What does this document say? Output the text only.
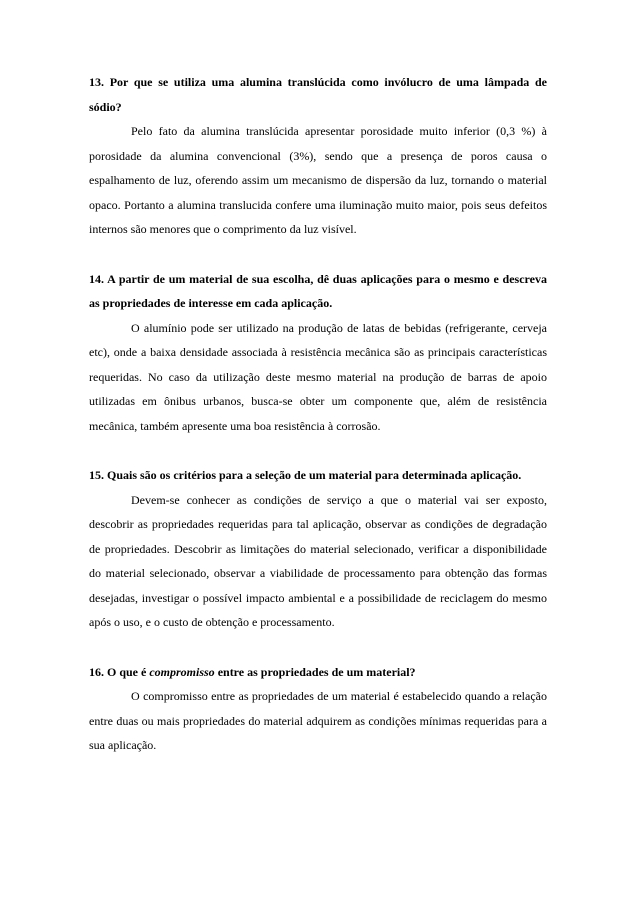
13. Por que se utiliza uma alumina translúcida como invólucro de uma lâmpada de sódio?

Pelo fato da alumina translúcida apresentar porosidade muito inferior (0,3 %) à porosidade da alumina convencional (3%), sendo que a presença de poros causa o espalhamento de luz, oferendo assim um mecanismo de dispersão da luz, tornando o material opaco. Portanto a alumina translucida confere uma iluminação muito maior, pois seus defeitos internos são menores que o comprimento da luz visível.

14. A partir de um material de sua escolha, dê duas aplicações para o mesmo e descreva as propriedades de interesse em cada aplicação.

O alumínio pode ser utilizado na produção de latas de bebidas (refrigerante, cerveja etc), onde a baixa densidade associada à resistência mecânica são as principais características requeridas. No caso da utilização deste mesmo material na produção de barras de apoio utilizadas em ônibus urbanos, busca-se obter um componente que, além de resistência mecânica, também apresente uma boa resistência à corrosão.

15. Quais são os critérios para a seleção de um material para determinada aplicação.

Devem-se conhecer as condições de serviço a que o material vai ser exposto, descobrir as propriedades requeridas para tal aplicação, observar as condições de degradação de propriedades. Descobrir as limitações do material selecionado, verificar a disponibilidade do material selecionado, observar a viabilidade de processamento para obtenção das formas desejadas, investigar o possível impacto ambiental e a possibilidade de reciclagem do mesmo após o uso, e o custo de obtenção e processamento.

16. O que é compromisso entre as propriedades de um material?

O compromisso entre as propriedades de um material é estabelecido quando a relação entre duas ou mais propriedades do material adquirem as condições mínimas requeridas para a sua aplicação.
